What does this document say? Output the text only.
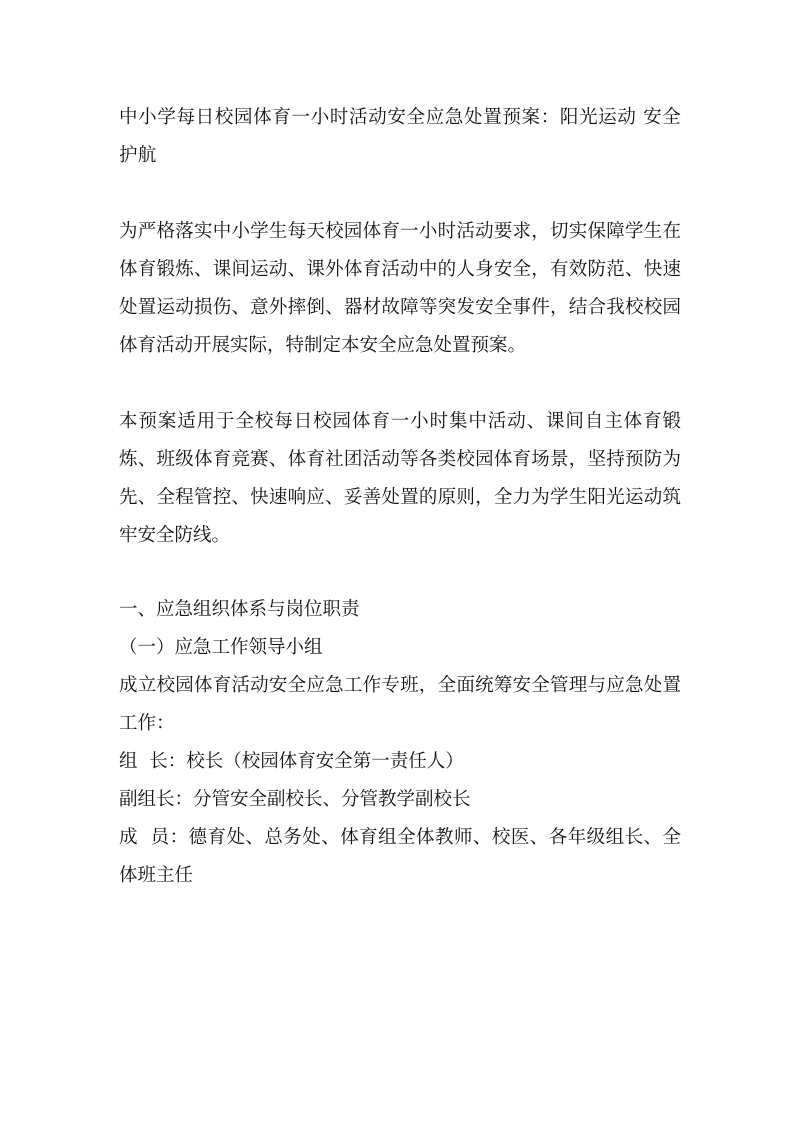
中小学每日校园体育一小时活动安全应急处置预案：阳光运动 安全护航

为严格落实中小学生每天校园体育一小时活动要求，切实保障学生在体育锻炼、课间运动、课外体育活动中的人身安全，有效防范、快速处置运动损伤、意外摔倒、器材故障等突发安全事件，结合我校校园体育活动开展实际，特制定本安全应急处置预案。

本预案适用于全校每日校园体育一小时集中活动、课间自主体育锻炼、班级体育竞赛、体育社团活动等各类校园体育场景，坚持预防为先、全程管控、快速响应、妥善处置的原则，全力为学生阳光运动筑牢安全防线。

一、应急组织体系与岗位职责

（一）应急工作领导小组

成立校园体育活动安全应急工作专班，全面统筹安全管理与应急处置工作：

组  长：校长（校园体育安全第一责任人）

副组长：分管安全副校长、分管教学副校长

成  员：德育处、总务处、体育组全体教师、校医、各年级组长、全体班主任
